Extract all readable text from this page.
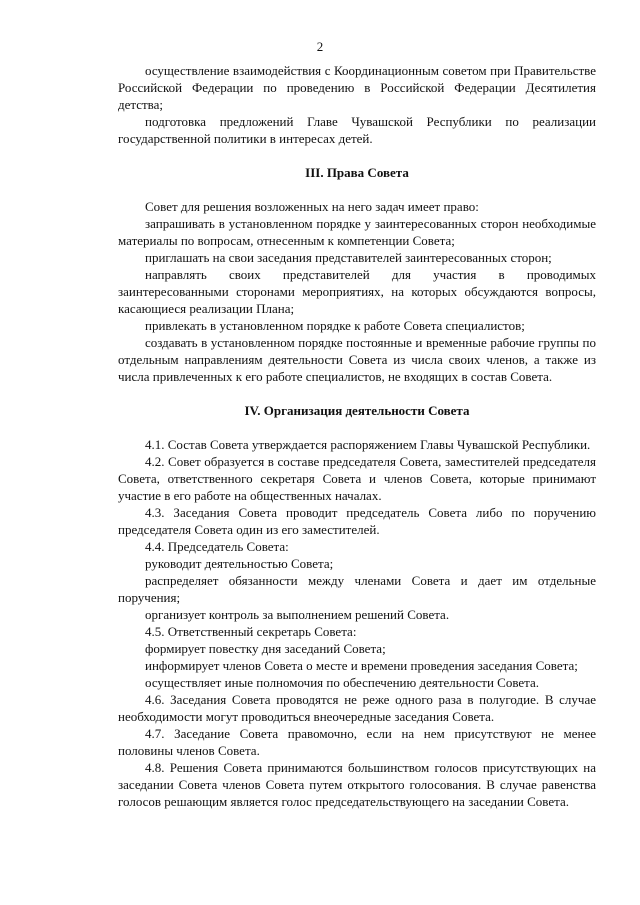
2

осуществление взаимодействия с Координационным советом при Правительстве Российской Федерации по проведению в Российской Федерации Десятилетия детства;

подготовка предложений Главе Чувашской Республики по реализации государственной политики в интересах детей.

III. Права Совета

Совет для решения возложенных на него задач имеет право:

запрашивать в установленном порядке у заинтересованных сторон необходимые материалы по вопросам, отнесенным к компетенции Совета;

приглашать на свои заседания представителей заинтересованных сторон;

направлять своих представителей для участия в проводимых заинтересованными сторонами мероприятиях, на которых обсуждаются вопросы, касающиеся реализации Плана;

привлекать в установленном порядке к работе Совета специалистов;

создавать в установленном порядке постоянные и временные рабочие группы по отдельным направлениям деятельности Совета из числа своих членов, а также из числа привлеченных к его работе специалистов, не входящих в состав Совета.

IV. Организация деятельности Совета

4.1. Состав Совета утверждается распоряжением Главы Чувашской Республики.

4.2. Совет образуется в составе председателя Совета, заместителей председателя Совета, ответственного секретаря Совета и членов Совета, которые принимают участие в его работе на общественных началах.

4.3. Заседания Совета проводит председатель Совета либо по поручению председателя Совета один из его заместителей.

4.4. Председатель Совета:

руководит деятельностью Совета;

распределяет обязанности между членами Совета и дает им отдельные поручения;

организует контроль за выполнением решений Совета.

4.5. Ответственный секретарь Совета:

формирует повестку дня заседаний Совета;

информирует членов Совета о месте и времени проведения заседания Совета;

осуществляет иные полномочия по обеспечению деятельности Совета.

4.6. Заседания Совета проводятся не реже одного раза в полугодие. В случае необходимости могут проводиться внеочередные заседания Совета.

4.7. Заседание Совета правомочно, если на нем присутствуют не менее половины членов Совета.

4.8. Решения Совета принимаются большинством голосов присутствующих на заседании Совета членов Совета путем открытого голосования. В случае равенства голосов решающим является голос председательствующего на заседании Совета.
